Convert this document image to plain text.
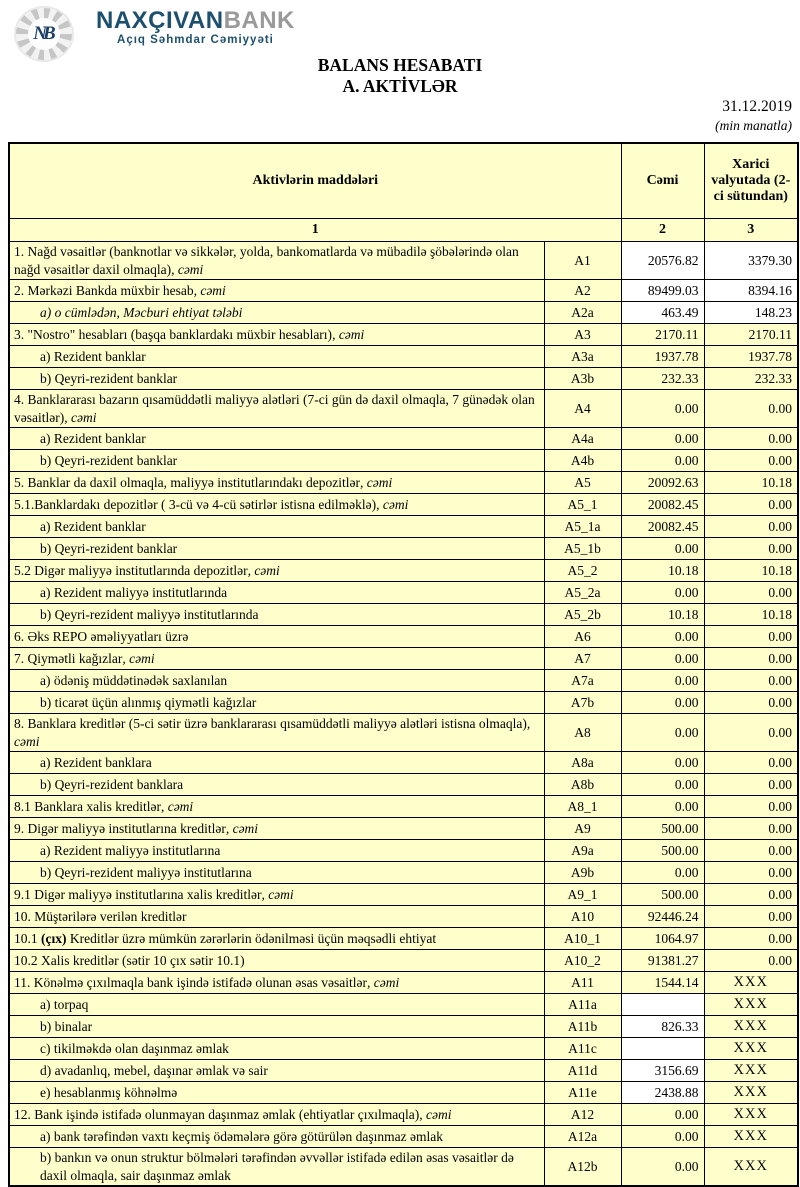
NB NAXÇIVANBANK
Açıq Səhmdar Cəmiyyəti
BALANS HESABATI
A. AKTİVLƏR
31.12.2019
(min manatla)
Aktivlərin maddələri		Cəmi	Xarici valyutada (2-ci sütundan)
1		2	3
1. Nağd vəsaitlər (banknotlar və sikkələr, yolda, bankomatlarda və mübadilə şöbələrində olan nağd vəsaitlər daxil olmaqla), cəmi	A1	20576.82	3379.30
2. Mərkəzi Bankda müxbir hesab, cəmi	A2	89499.03	8394.16
a) o cümlədən, Məcburi ehtiyat tələbi	A2a	463.49	148.23
3. "Nostro" hesabları (başqa banklardakı müxbir hesabları), cəmi	A3	2170.11	2170.11
a) Rezident banklar	A3a	1937.78	1937.78
b) Qeyri-rezident banklar	A3b	232.33	232.33
4. Banklararası bazarın qısamüddətli maliyyə alətləri (7-ci gün də daxil olmaqla, 7 günədək olan vəsaitlər), cəmi	A4	0.00	0.00
a) Rezident banklar	A4a	0.00	0.00
b) Qeyri-rezident banklar	A4b	0.00	0.00
5. Banklar da daxil olmaqla, maliyyə institutlarındakı depozitlər, cəmi	A5	20092.63	10.18
5.1.Banklardakı depozitlər ( 3-cü və 4-cü sətirlər istisna edilməklə), cəmi	A5_1	20082.45	0.00
a) Rezident banklar	A5_1a	20082.45	0.00
b) Qeyri-rezident banklar	A5_1b	0.00	0.00
5.2 Digər maliyyə institutlarında depozitlər, cəmi	A5_2	10.18	10.18
a) Rezident maliyyə institutlarında	A5_2a	0.00	0.00
b) Qeyri-rezident maliyyə institutlarında	A5_2b	10.18	10.18
6. Əks REPO əməliyyatları üzrə	A6	0.00	0.00
7. Qiymətli kağızlar, cəmi	A7	0.00	0.00
a) ödəniş müddətinədək saxlanılan	A7a	0.00	0.00
b) ticarət üçün alınmış qiymətli kağızlar	A7b	0.00	0.00
8. Banklara kreditlər (5-ci sətir üzrə banklararası qısamüddətli maliyyə alətləri istisna olmaqla), cəmi	A8	0.00	0.00
a) Rezident banklara	A8a	0.00	0.00
b) Qeyri-rezident banklara	A8b	0.00	0.00
8.1 Banklara xalis kreditlər, cəmi	A8_1	0.00	0.00
9. Digər maliyyə institutlarına kreditlər, cəmi	A9	500.00	0.00
a) Rezident maliyyə institutlarına	A9a	500.00	0.00
b) Qeyri-rezident maliyyə institutlarına	A9b	0.00	0.00
9.1 Digər maliyyə institutlarına xalis kreditlər, cəmi	A9_1	500.00	0.00
10. Müştərilərə verilən kreditlər	A10	92446.24	0.00
10.1 (çıx) Kreditlər üzrə mümkün zərərlərin ödənilməsi üçün məqsədli ehtiyat	A10_1	1064.97	0.00
10.2 Xalis kreditlər (sətir 10 çıx sətir 10.1)	A10_2	91381.27	0.00
11. Könəlmə çıxılmaqla bank işində istifadə olunan əsas vəsaitlər, cəmi	A11	1544.14	XXX
a) torpaq	A11a		XXX
b) binalar	A11b	826.33	XXX
c) tikilməkdə olan daşınmaz əmlak	A11c		XXX
d) avadanlıq, mebel, daşınar əmlak və sair	A11d	3156.69	XXX
e) hesablanmış köhnəlmə	A11e	2438.88	XXX
12. Bank işində istifadə olunmayan daşınmaz əmlak (ehtiyatlar çıxılmaqla), cəmi	A12	0.00	XXX
a) bank tərəfindən vaxtı keçmiş ödəmələrə görə götürülən daşınmaz əmlak	A12a	0.00	XXX
b) bankın və onun struktur bölmələri tərəfindən əvvəllər istifadə edilən əsas vəsaitlər də daxil olmaqla, sair daşınmaz əmlak	A12b	0.00	XXX
